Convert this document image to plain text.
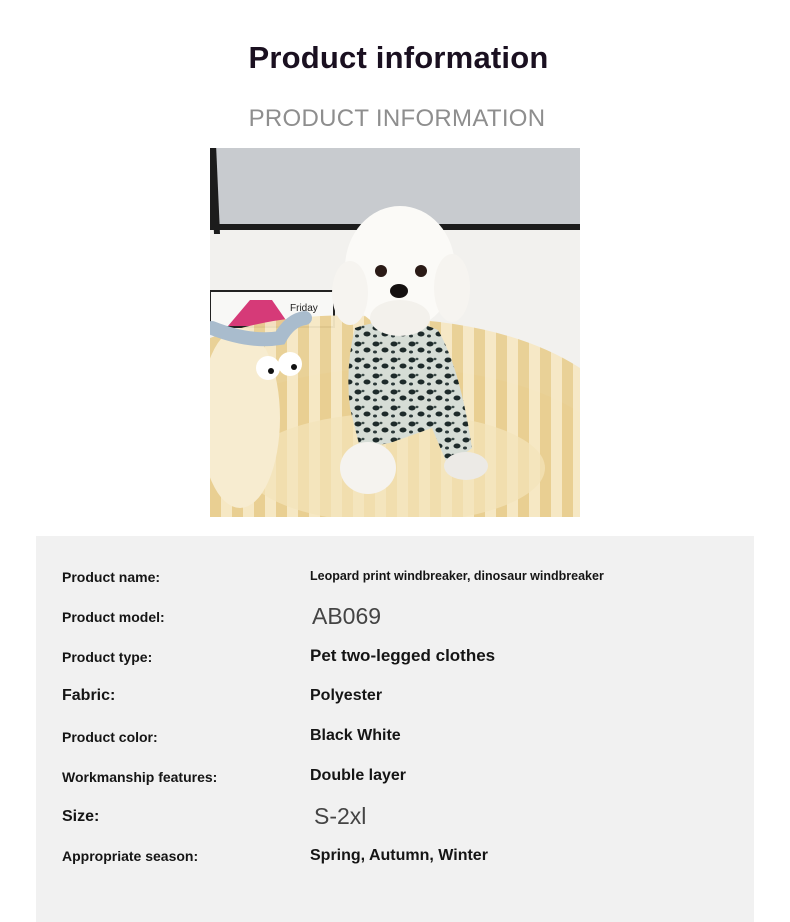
Product information
PRODUCT INFORMATION
Friday
Product name:	Leopard print windbreaker, dinosaur windbreaker
Product model:	AB069
Product type:	Pet two-legged clothes
Fabric:	Polyester
Product color:	Black White
Workmanship features:	Double layer
Size:	S-2xl
Appropriate season:	Spring, Autumn, Winter
